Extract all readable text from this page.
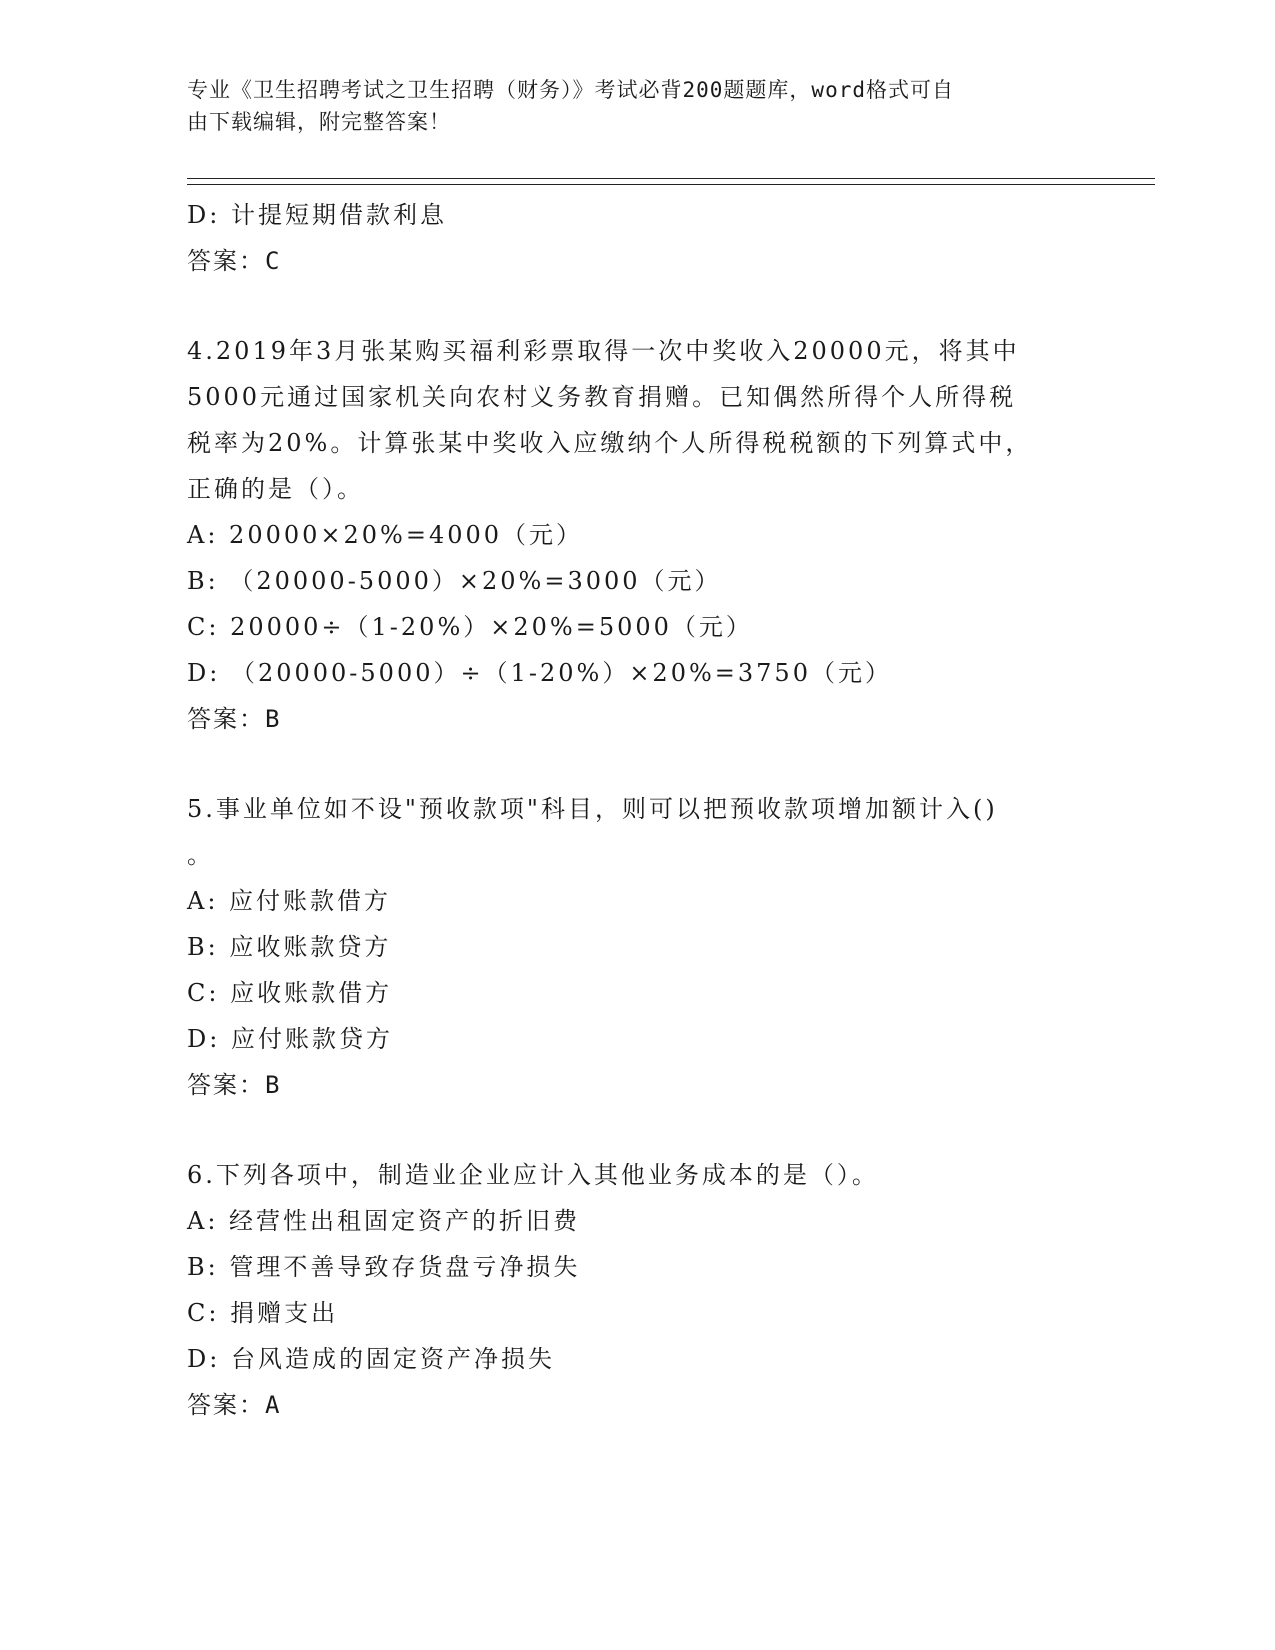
专业《卫生招聘考试之卫生招聘（财务）》考试必背200题题库，word格式可自
由下载编辑，附完整答案！
D: 计提短期借款利息
答案：C
4.2019年3月张某购买福利彩票取得一次中奖收入20000元，将其中
5000元通过国家机关向农村义务教育捐赠。已知偶然所得个人所得税
税率为20%。计算张某中奖收入应缴纳个人所得税税额的下列算式中，
正确的是（）。
A: 20000×20%=4000（元）
B: （20000-5000）×20%=3000（元）
C: 20000÷（1-20%）×20%=5000（元）
D: （20000-5000）÷（1-20%）×20%=3750（元）
答案：B
5.事业单位如不设"预收款项"科目，则可以把预收款项增加额计入()
。
A: 应付账款借方
B: 应收账款贷方
C: 应收账款借方
D: 应付账款贷方
答案：B
6.下列各项中，制造业企业应计入其他业务成本的是（）。
A: 经营性出租固定资产的折旧费
B: 管理不善导致存货盘亏净损失
C: 捐赠支出
D: 台风造成的固定资产净损失
答案：A
